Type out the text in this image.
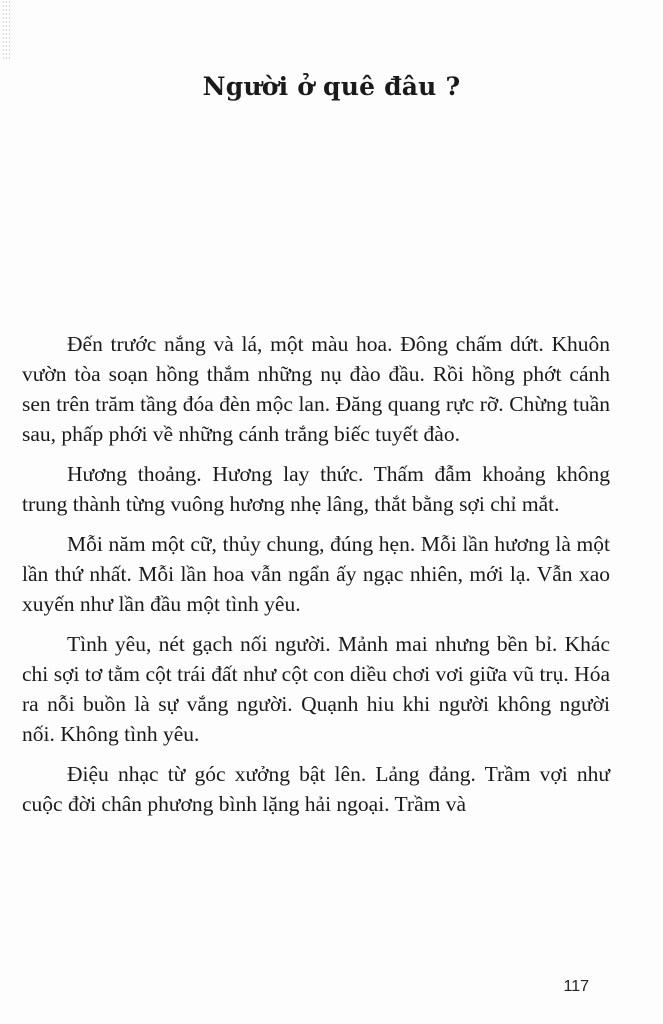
Người ở quê đâu ?

Đến trước nắng và lá, một màu hoa. Đông chấm dứt. Khuôn vườn tòa soạn hồng thắm những nụ đào đầu. Rồi hồng phớt cánh sen trên trăm tầng đóa đèn mộc lan. Đăng quang rực rỡ. Chừng tuần sau, phấp phới về những cánh trắng biếc tuyết đào.

Hương thoảng. Hương lay thức. Thấm đẫm khoảng không trung thành từng vuông hương nhẹ lâng, thắt bằng sợi chỉ mắt.

Mỗi năm một cữ, thủy chung, đúng hẹn. Mỗi lần hương là một lần thứ nhất. Mỗi lần hoa vẫn ngẩn ấy ngạc nhiên, mới lạ. Vẫn xao xuyến như lần đầu một tình yêu.

Tình yêu, nét gạch nối người. Mảnh mai nhưng bền bỉ. Khác chi sợi tơ tằm cột trái đất như cột con diều chơi vơi giữa vũ trụ. Hóa ra nỗi buồn là sự vắng người. Quạnh hiu khi người không người nối. Không tình yêu.

Điệu nhạc từ góc xưởng bật lên. Lảng đảng. Trầm vợi như cuộc đời chân phương bình lặng hải ngoại. Trầm và

117
